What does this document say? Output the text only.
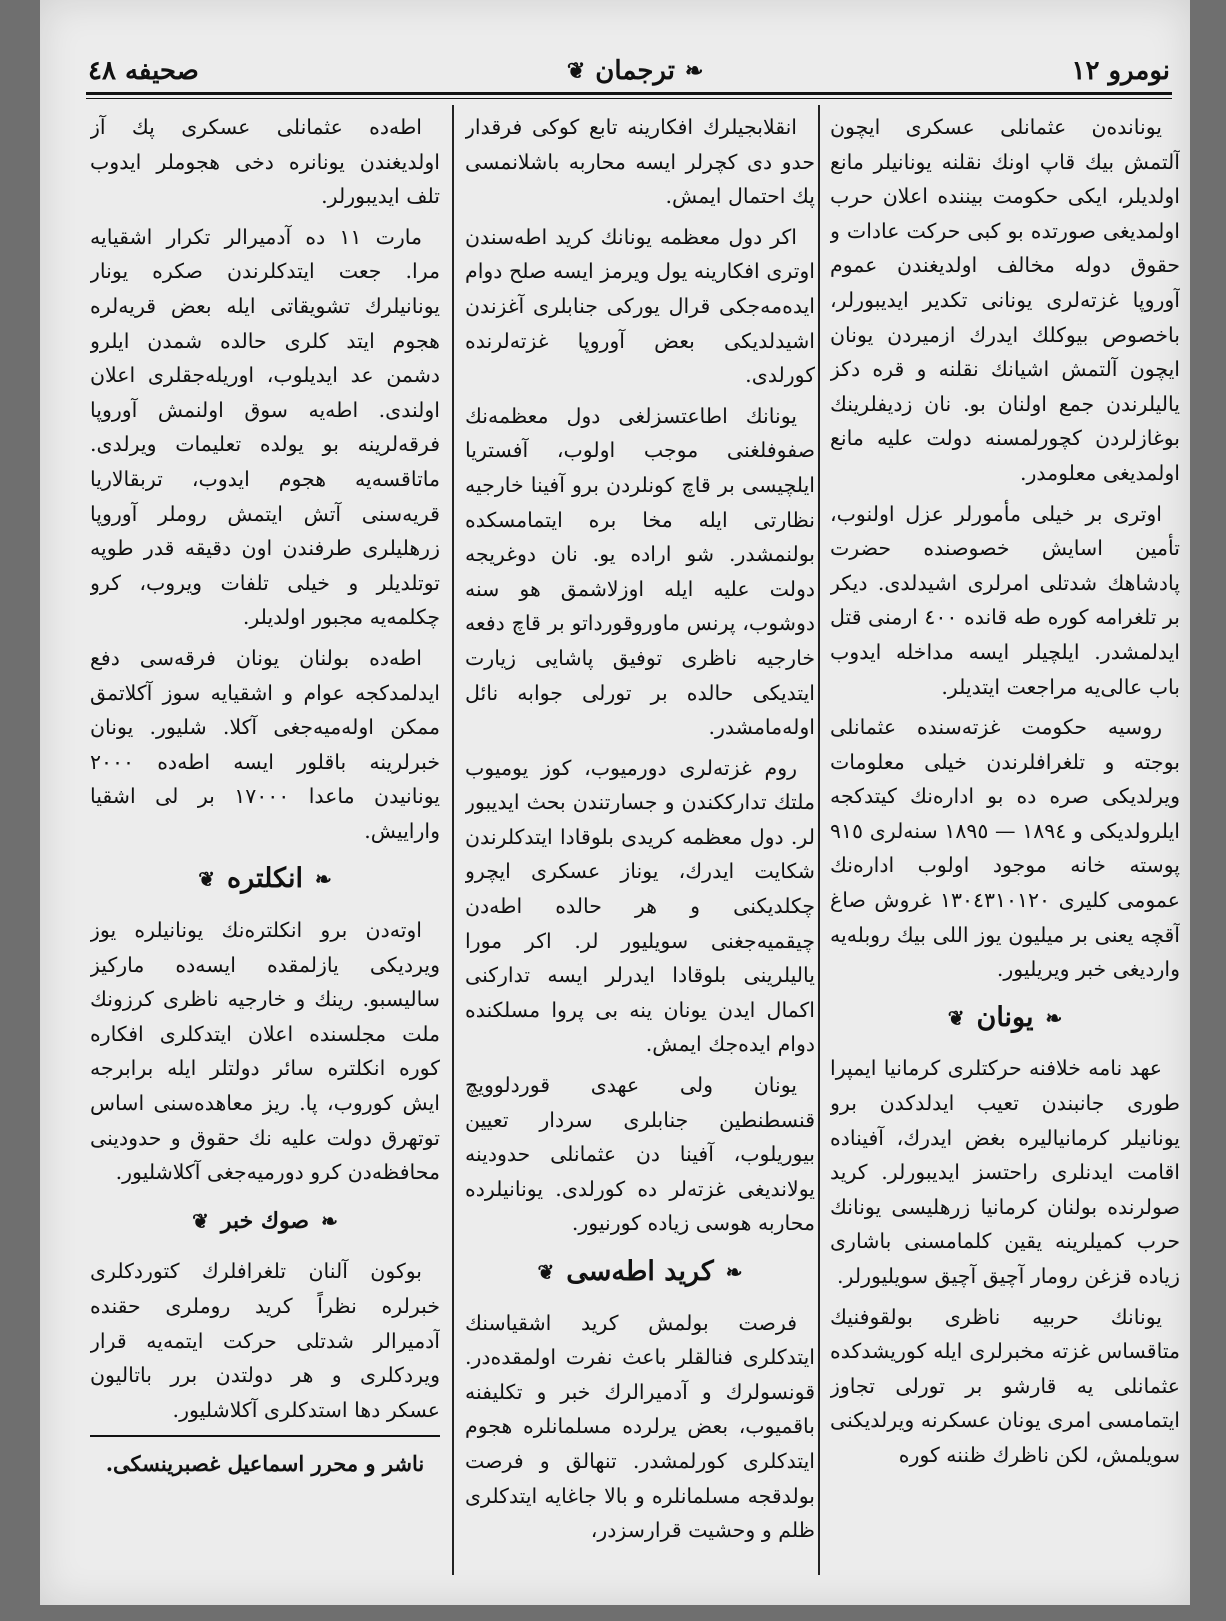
نومرو ١٢
❧
ترجمان
❦
صحيفه ٤٨

يونانده‌ن عثمانلى عسكرى ايچون آلتمش بيك قاپ اونك نقلنه يونانيلر مانع اولديلر، ايكى حكومت بيننده اعلان حرب اولمديغى صورتده بو كبى حركت عادات و حقوق دوله مخالف اولديغندن عموم آوروپا غزته‌لرى يونانى تكدير ايديبورلر، باخصوص بيوكلك ايدرك ازميردن يونان ايچون آلتمش اشيانك نقلنه و قره دكز ياليلرندن جمع اولنان بو. نان زديفلرينك بوغازلردن كچورلمسنه دولت عليه مانع اولمديغى معلومدر.

اوترى بر خيلى مأمورلر عزل اولنوب، تأمين اسايش خصوصنده حضرت پادشاهك شدتلى امرلرى اشيدلدى. ديكر بر تلغرامه كوره طه قانده ٤٠٠ ارمنى قتل ايدلمشدر. ايلچيلر ايسه مداخله ايدوب باب عالى‌يه مراجعت ايتديلر.

روسيه حكومت غزته‌سنده عثمانلى بوجته و تلغرافلرندن خيلى معلومات ويرلديكى صره ده بو اداره‌نك كيتدكجه ايلرولديكى و ١٨٩٤ — ١٨٩٥ سنه‌لرى ٩١٥ پوسته خانه موجود اولوب اداره‌نك عمومى كليرى ١٣٠٤٣١٠١٢٠ غروش صاغ آقچه يعنى بر ميليون يوز اللى بيك روبله‌يه وارديغى خبر ويريليور.

❧
يونان
❦

عهد نامه خلافنه حركتلرى كرمانيا ايمپرا طورى جانبندن تعيب ايدلدكدن برو يونانيلر كرمانياليره بغض ايدرك، آفيناده اقامت ايدنلرى راحتسز ايديبورلر. كريد صولرنده بولنان كرمانيا زرهليسى يونانك حرب كميلرينه يقين كلمامسنى باشارى زياده قزغن رومار آچيق آچيق سويليورلر.

يونانك حربيه ناظرى بولقوفنيك متاقساس غزته مخبرلرى ايله كوريشدكده عثمانلى يه قارشو بر تورلى تجاوز ايتمامسى امرى يونان عسكرنه ويرلديكنى سويلمش، لكن ناظرك ظننه كوره

انقلابجيلرك افكارينه تابع كوكى فرقدار حدو دى كچرلر ايسه محاربه باشلانمسى پك احتمال ايمش.

اكر دول معظمه يونانك كريد اطه‌سندن اوترى افكارينه يول ويرمز ايسه صلح دوام ايده‌مه‌جكى قرال يوركى جنابلرى آغزندن اشيدلديكى بعض آوروپا غزته‌لرنده كورلدى.

يونانك اطاعتسزلغى دول معظمه‌نك صفوفلغنى موجب اولوب، آفستريا ايلچيسى بر قاچ كونلردن برو آفينا خارجيه نظارتى ايله مخا بره ايتمامسكده بولنمشدر. شو اراده يو. نان دوغريجه دولت عليه ايله اوزلاشمق هو سنه دوشوب، پرنس ماوروقورداتو بر قاچ دفعه خارجيه ناظرى توفيق پاشايى زيارت ايتديكى حالده بر تورلى جوابه نائل اوله‌مامشدر.

روم غزته‌لرى دورميوب، كوز يوميوب ملتك تدارككندن و جسارتندن بحث ايديبور لر. دول معظمه كريدى بلوقادا ايتدكلرندن شكايت ايدرك، يوناز عسكرى ايچرو چكلديكنى و هر حالده اطه‌دن چيقميه‌جغنى سويليور لر. اكر مورا ياليلرينى بلوقادا ايدرلر ايسه تداركنى اكمال ايدن يونان ينه بى پروا مسلكنده دوام ايده‌جك ايمش.

يونان ولى عهدى قوردلوويچ قنسطنطين جنابلرى سردار تعيين بيوريلوب، آفينا دن عثمانلى حدودينه يولانديغى غزته‌لر ده كورلدى. يونانيلرده محاربه هوسى زياده كورنيور.

❧
كريد اطه‌سى
❦

فرصت بولمش كريد اشقياسنك ايتدكلرى فنالقلر باعث نفرت اولمقده‌در. قونسولرك و آدميرالرك خبر و تكليفنه باقميوب، بعض يرلرده مسلمانلره هجوم ايتدكلرى كورلمشدر. تنهالق و فرصت بولدقجه مسلمانلره و بالا جاغايه ايتدكلرى ظلم و وحشيت قرارسزدر،

اطه‌ده عثمانلى عسكرى پك آز اولديغندن يونانره دخى هجوملر ايدوب تلف ايديبورلر.

مارت ١١ ده آدميرالر تكرار اشقيايه مرا. جعت ايتدكلرندن صكره يونار يونانيلرك تشويقاتى ايله بعض قريه‌لره هجوم ايتد كلرى حالده شمدن ايلرو دشمن عد ايديلوب، اوريله‌جقلرى اعلان اولندى. اطه‌يه سوق اولنمش آوروپا فرقه‌لرينه بو يولده تعليمات ويرلدى. ماتاقسه‌يه هجوم ايدوب، تربقالاريا قريه‌سنى آتش ايتمش روملر آوروپا زرهليلرى طرفندن اون دقيقه قدر طوپه توتلديلر و خيلى تلفات ويروب، كرو چكلمه‌يه مجبور اولديلر.

اطه‌ده بولنان يونان فرقه‌سى دفع ايدلمدكجه عوام و اشقيايه سوز آكلاتمق ممكن اوله‌ميه‌جغى آكلا. شليور. يونان خبرلرينه باقلور ايسه اطه‌ده ٢٠٠٠ يونانيدن ماعدا ١٧٠٠٠ بر لى اشقيا واراييش.

❧
انكلتره
❦

اوته‌دن برو انكلتره‌نك يونانيلره يوز ويرديكى يازلمقده ايسه‌ده ماركيز ساليسبو. رينك و خارجيه ناظرى كرزونك ملت مجلسنده اعلان ايتدكلرى افكاره كوره انكلتره سائر دولتلر ايله برابرجه ايش كوروب، پا. ريز معاهده‌سنى اساس توتهرق دولت عليه نك حقوق و حدودينى محافظه‌دن كرو دورميه‌جغى آكلاشليور.

❧
صوك خبر
❦

بوكون آلنان تلغرافلرك كتوردكلرى خبرلره نظراً كريد روملرى حقنده آدميرالر شدتلى حركت ايتمه‌يه قرار ويردكلرى و هر دولتدن برر باتاليون عسكر دها استدكلرى آكلاشليور.

ناشر و محرر اسماعيل غصبرينسكى.
